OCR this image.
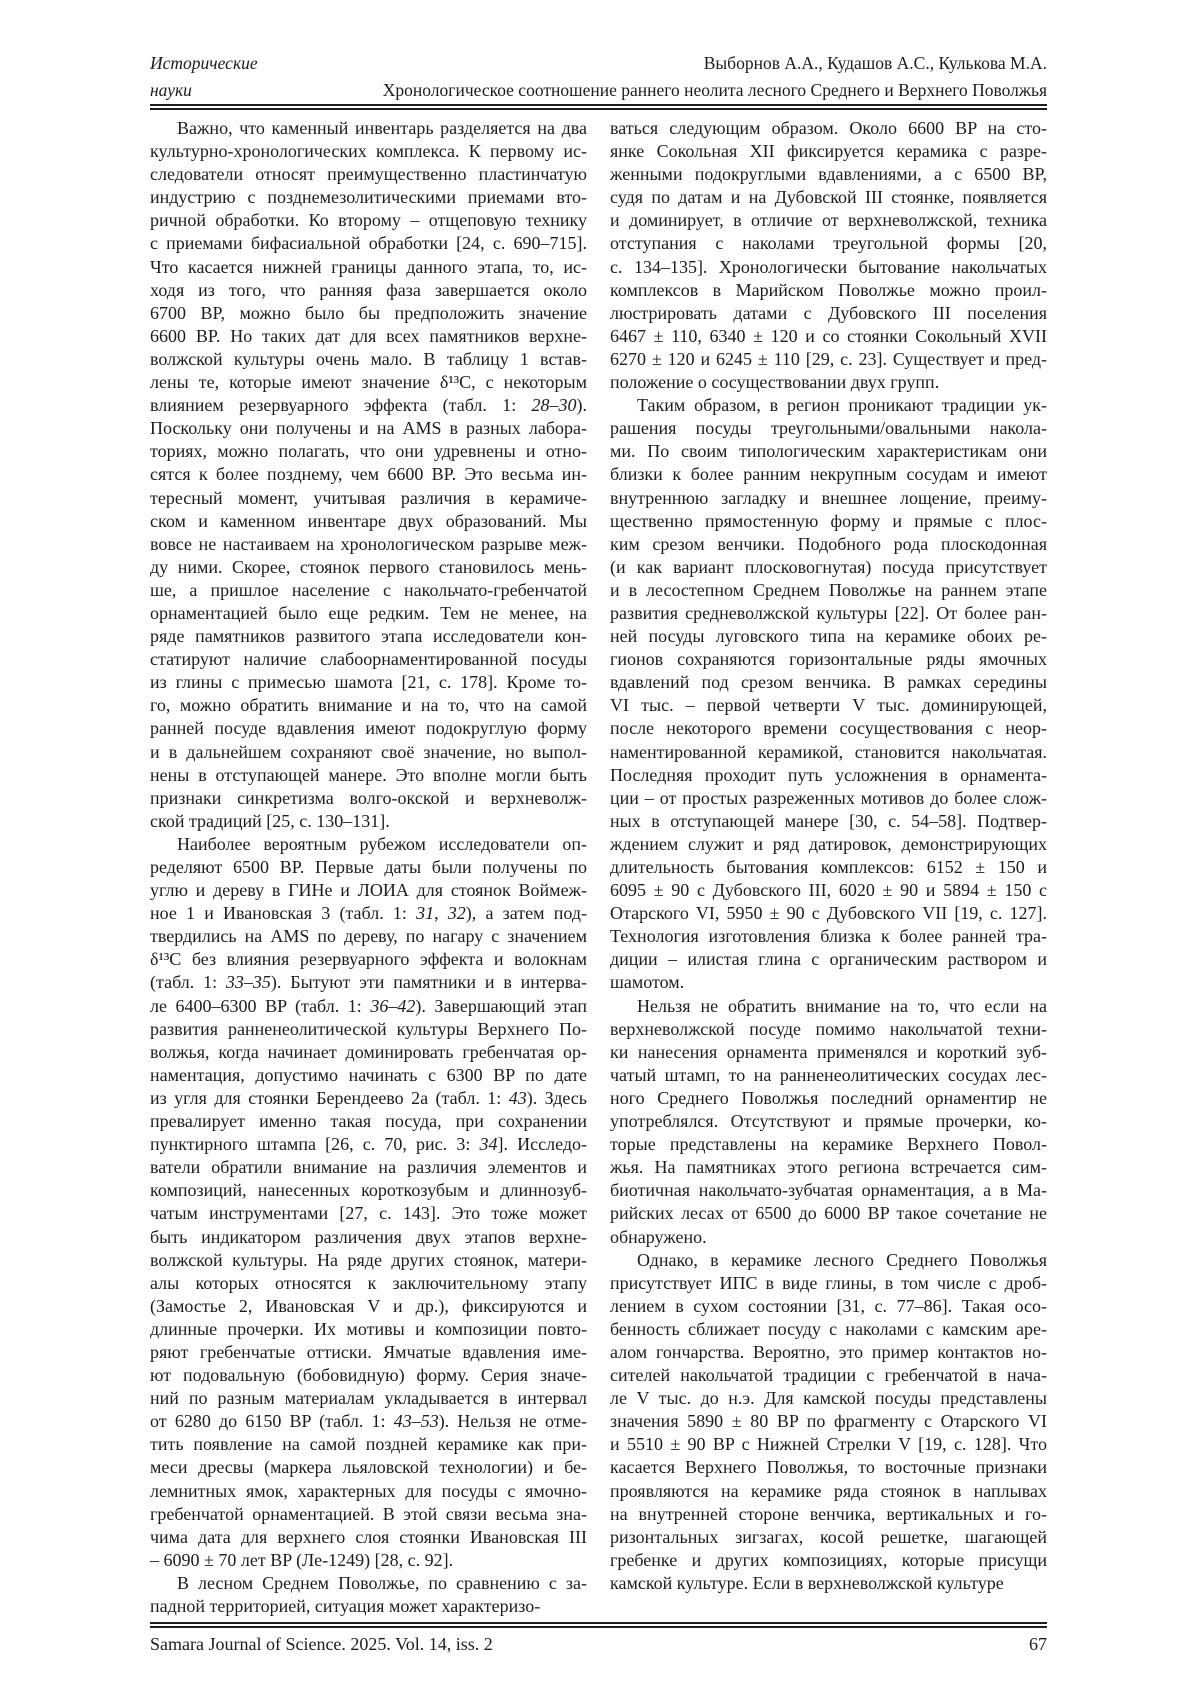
Исторические
науки
Выборнов А.А., Кудашов А.С., Кулькова М.А.
Хронологическое соотношение раннего неолита лесного Среднего и Верхнего Поволжья
Важно, что каменный инвентарь разделяется на два
культурно-хронологических комплекса. К первому ис-
следователи относят преимущественно пластинчатую
индустрию с позднемезолитическими приемами вто-
ричной обработки. Ко второму – отщеповую технику
с приемами бифасиальной обработки [24, с. 690–715].
Что касается нижней границы данного этапа, то, ис-
ходя из того, что ранняя фаза завершается около
6700 BP, можно было бы предположить значение
6600 BP. Но таких дат для всех памятников верхне-
волжской культуры очень мало. В таблицу 1 встав-
лены те, которые имеют значение δ¹³C, с некоторым
влиянием резервуарного эффекта (табл. 1: 28–30).
Поскольку они получены и на AMS в разных лабора-
ториях, можно полагать, что они удревнены и отно-
сятся к более позднему, чем 6600 BP. Это весьма ин-
тересный момент, учитывая различия в керамиче-
ском и каменном инвентаре двух образований. Мы
вовсе не настаиваем на хронологическом разрыве меж-
ду ними. Скорее, стоянок первого становилось мень-
ше, а пришлое население с накольчато-гребенчатой
орнаментацией было еще редким. Тем не менее, на
ряде памятников развитого этапа исследователи кон-
статируют наличие слабоорнаментированной посуды
из глины с примесью шамота [21, с. 178]. Кроме то-
го, можно обратить внимание и на то, что на самой
ранней посуде вдавления имеют подокруглую форму
и в дальнейшем сохраняют своё значение, но выпол-
нены в отступающей манере. Это вполне могли быть
признаки синкретизма волго-окской и верхневолж-
ской традиций [25, с. 130–131].
Наиболее вероятным рубежом исследователи оп-
ределяют 6500 BP. Первые даты были получены по
углю и дереву в ГИНе и ЛОИА для стоянок Воймеж-
ное 1 и Ивановская 3 (табл. 1: 31, 32), а затем под-
твердились на AMS по дереву, по нагару с значением
δ¹³C без влияния резервуарного эффекта и волокнам
(табл. 1: 33–35). Бытуют эти памятники и в интерва-
ле 6400–6300 BP (табл. 1: 36–42). Завершающий этап
развития ранненеолитической культуры Верхнего По-
волжья, когда начинает доминировать гребенчатая ор-
наментация, допустимо начинать с 6300 BP по дате
из угля для стоянки Берендеево 2а (табл. 1: 43). Здесь
превалирует именно такая посуда, при сохранении
пунктирного штампа [26, с. 70, рис. 3: 34]. Исследо-
ватели обратили внимание на различия элементов и
композиций, нанесенных короткозубым и длиннозуб-
чатым инструментами [27, с. 143]. Это тоже может
быть индикатором различения двух этапов верхне-
волжской культуры. На ряде других стоянок, матери-
алы которых относятся к заключительному этапу
(Замостье 2, Ивановская V и др.), фиксируются и
длинные прочерки. Их мотивы и композиции повто-
ряют гребенчатые оттиски. Ямчатые вдавления име-
ют подовальную (бобовидную) форму. Серия значе-
ний по разным материалам укладывается в интервал
от 6280 до 6150 BP (табл. 1: 43–53). Нельзя не отме-
тить появление на самой поздней керамике как при-
меси дресвы (маркера льяловской технологии) и бе-
лемнитных ямок, характерных для посуды с ямочно-
гребенчатой орнаментацией. В этой связи весьма зна-
чима дата для верхнего слоя стоянки Ивановская III
– 6090 ± 70 лет BP (Ле-1249) [28, с. 92].
В лесном Среднем Поволжье, по сравнению с за-
падной территорией, ситуация может характеризо-
ваться следующим образом. Около 6600 BP на сто-
янке Сокольная XII фиксируется керамика с разре-
женными подокруглыми вдавлениями, а с 6500 BP,
судя по датам и на Дубовской III стоянке, появляется
и доминирует, в отличие от верхневолжской, техника
отступания с наколами треугольной формы [20,
с. 134–135]. Хронологически бытование накольчатых
комплексов в Марийском Поволжье можно проил-
люстрировать датами с Дубовского III поселения
6467 ± 110, 6340 ± 120 и со стоянки Сокольный XVII
6270 ± 120 и 6245 ± 110 [29, с. 23]. Существует и пред-
положение о сосуществовании двух групп.
Таким образом, в регион проникают традиции ук-
рашения посуды треугольными/овальными накола-
ми. По своим типологическим характеристикам они
близки к более ранним некрупным сосудам и имеют
внутреннюю загладку и внешнее лощение, преиму-
щественно прямостенную форму и прямые с плос-
ким срезом венчики. Подобного рода плоскодонная
(и как вариант плосковогнутая) посуда присутствует
и в лесостепном Среднем Поволжье на раннем этапе
развития средневолжской культуры [22]. От более ран-
ней посуды луговского типа на керамике обоих ре-
гионов сохраняются горизонтальные ряды ямочных
вдавлений под срезом венчика. В рамках середины
VI тыс. – первой четверти V тыс. доминирующей,
после некоторого времени сосуществования с неор-
наментированной керамикой, становится накольчатая.
Последняя проходит путь усложнения в орнамента-
ции – от простых разреженных мотивов до более слож-
ных в отступающей манере [30, с. 54–58]. Подтвер-
ждением служит и ряд датировок, демонстрирующих
длительность бытования комплексов: 6152 ± 150 и
6095 ± 90 с Дубовского III, 6020 ± 90 и 5894 ± 150 с
Отарского VI, 5950 ± 90 с Дубовского VII [19, с. 127].
Технология изготовления близка к более ранней тра-
диции – илистая глина с органическим раствором и
шамотом.
Нельзя не обратить внимание на то, что если на
верхневолжской посуде помимо накольчатой техни-
ки нанесения орнамента применялся и короткий зуб-
чатый штамп, то на ранненеолитических сосудах лес-
ного Среднего Поволжья последний орнаментир не
употреблялся. Отсутствуют и прямые прочерки, ко-
торые представлены на керамике Верхнего Повол-
жья. На памятниках этого региона встречается сим-
биотичная накольчато-зубчатая орнаментация, а в Ма-
рийских лесах от 6500 до 6000 BP такое сочетание не
обнаружено.
Однако, в керамике лесного Среднего Поволжья
присутствует ИПС в виде глины, в том числе с дроб-
лением в сухом состоянии [31, с. 77–86]. Такая осо-
бенность сближает посуду с наколами с камским аре-
алом гончарства. Вероятно, это пример контактов но-
сителей накольчатой традиции с гребенчатой в нача-
ле V тыс. до н.э. Для камской посуды представлены
значения 5890 ± 80 BP по фрагменту с Отарского VI
и 5510 ± 90 BP с Нижней Стрелки V [19, с. 128]. Что
касается Верхнего Поволжья, то восточные признаки
проявляются на керамике ряда стоянок в наплывах
на внутренней стороне венчика, вертикальных и го-
ризонтальных зигзагах, косой решетке, шагающей
гребенке и других композициях, которые присущи
камской культуре. Если в верхневолжской культуре
Samara Journal of Science. 2025. Vol. 14, iss. 2	67
